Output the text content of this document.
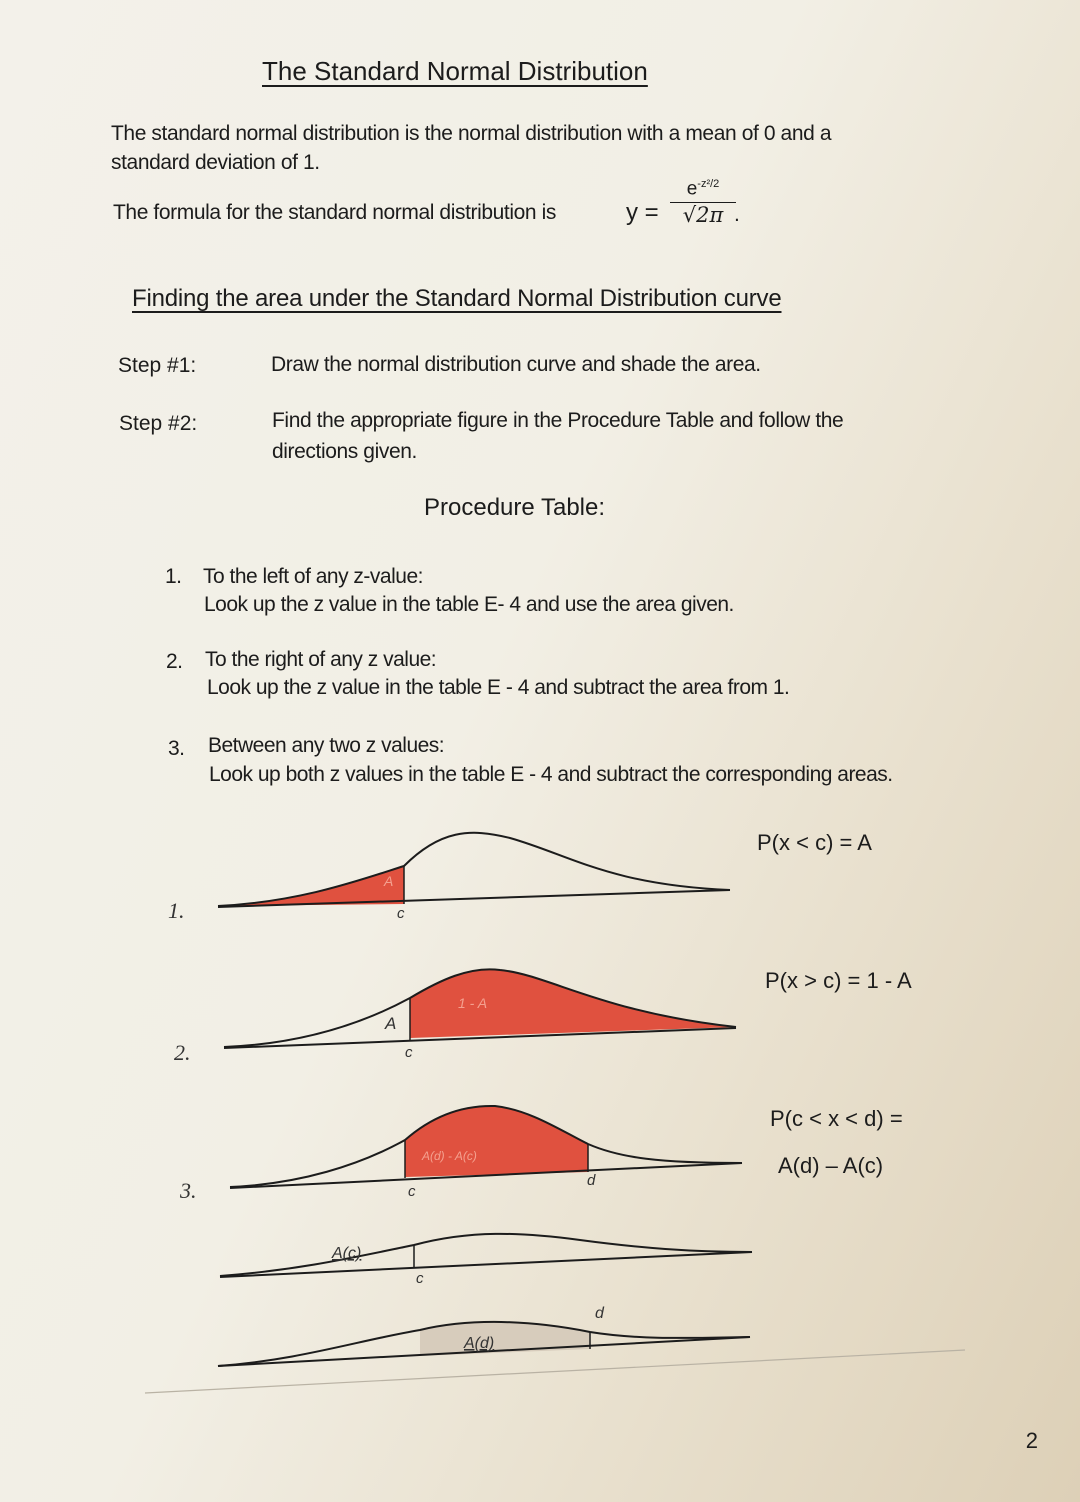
The Standard Normal Distribution
The standard normal distribution is the normal distribution with a mean of 0 and a
standard deviation of 1.
The formula for the standard normal distribution is	$y = \frac{e^{-z^2/2}}{√2\pi}$
.
Finding the area under the Standard Normal Distribution curve
Step #1:	Draw the normal distribution curve and shade the area.
Step #2:	Find the appropriate figure in the Procedure Table and follow the
directions given.
Procedure Table:
1. To the left of any z-value:
Look up the z value in the table E- 4 and use the area given.
2. To the right of any z value:
Look up the z value in the table E - 4 and subtract the area from 1.
3. Between any two z values:
Look up both z values in the table E - 4 and subtract the corresponding areas.
A
c
1 - A
A
c
A(d) - A(c)
c
d
A(c)
c
d
A(d)
1.
2.
3.
P(x < c) = A
P(x > c) = 1 - A
P(c < x < d) =
A(d) – A(c)
2
